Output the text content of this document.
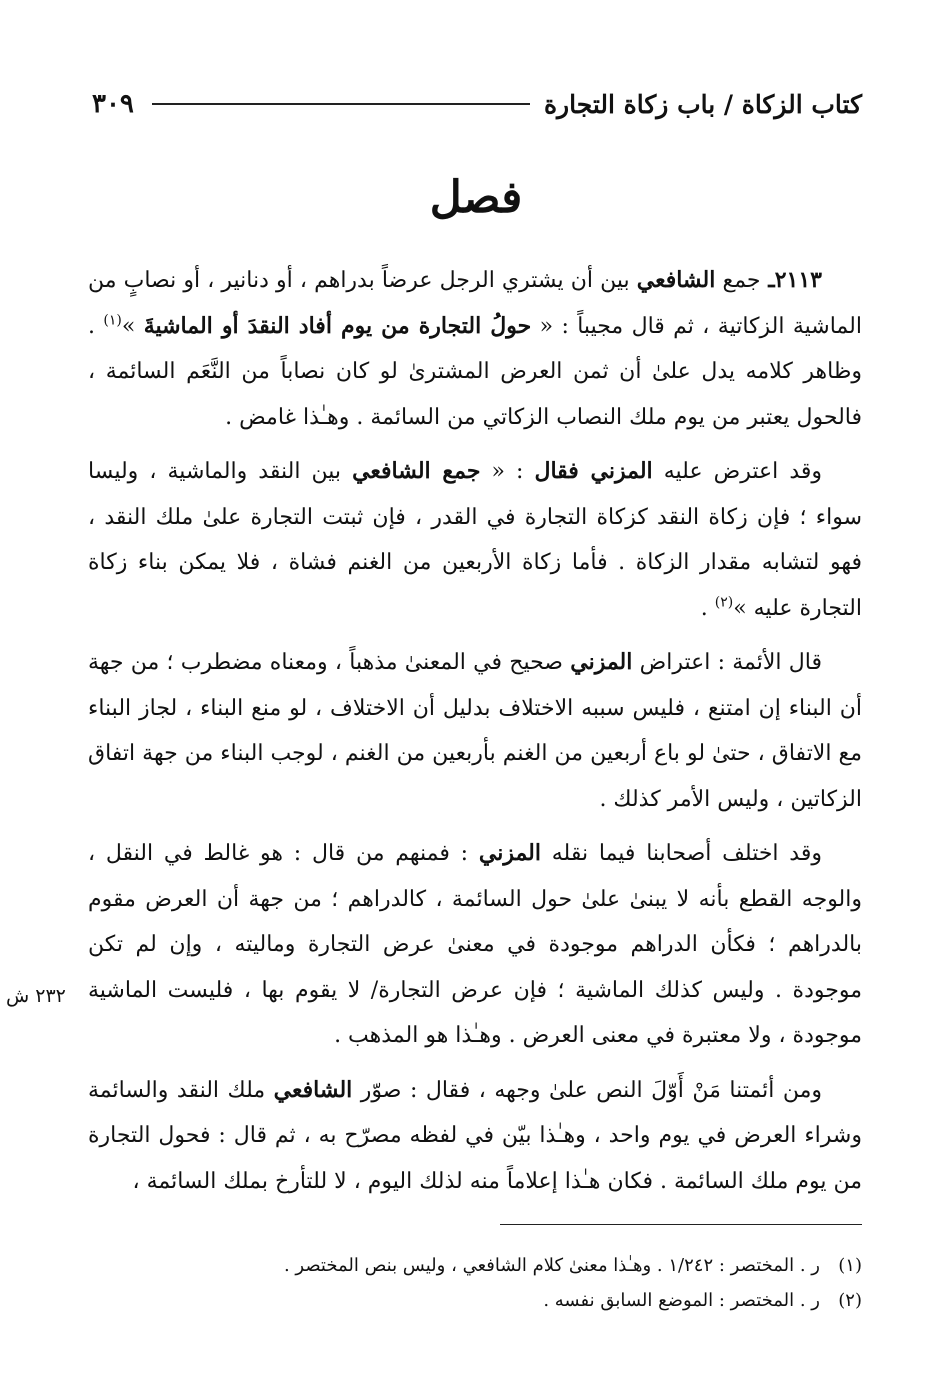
٣٠٩	كتاب الزكاة / باب زكاة التجارة
فصل

٢١١٣ـ جمع الشافعي بين أن يشتري الرجل عرضاً بدراهم ، أو دنانير ، أو نصابٍ من الماشية الزكاتية ، ثم قال مجيباً : « حولُ التجارة من يوم أفاد النقدَ أو الماشيةَ »$^{(١)}$ . وظاهر كلامه يدل علىٰ أن ثمن العرض المشترىٰ لو كان نصاباً من النَّعَم السائمة ، فالحول يعتبر من يوم ملك النصاب الزكاتي من السائمة . وهـٰذا غامض .

وقد اعترض عليه المزني فقال : « جمع الشافعي بين النقد والماشية ، وليسا سواء ؛ فإن زكاة النقد كزكاة التجارة في القدر ، فإن ثبتت التجارة علىٰ ملك النقد ، فهو لتشابه مقدار الزكاة . فأما زكاة الأربعين من الغنم فشاة ، فلا يمكن بناء زكاة التجارة عليه »$^{(٢)}$ .

قال الأئمة : اعتراض المزني صحيح في المعنىٰ مذهباً ، ومعناه مضطرب ؛ من جهة أن البناء إن امتنع ، فليس سببه الاختلاف بدليل أن الاختلاف ، لو منع البناء ، لجاز البناء مع الاتفاق ، حتىٰ لو باع أربعين من الغنم بأربعين من الغنم ، لوجب البناء من جهة اتفاق الزكاتين ، وليس الأمر كذلك .

وقد اختلف أصحابنا فيما نقله المزني : فمنهم من قال : هو غالط في النقل ، والوجه القطع بأنه لا يبنىٰ علىٰ حول السائمة ، كالدراهم ؛ من جهة أن العرض مقوم بالدراهم ؛ فكأن الدراهم موجودة في معنىٰ عرض التجارة وماليته ، وإن لم تكن موجودة . وليس كذلك الماشية ؛ فإن عرض التجارة/ لا يقوم بها ، فليست الماشية موجودة ، ولا معتبرة في معنى العرض . وهـٰذا هو المذهب .

ومن أئمتنا مَنْ أَوّلَ النص علىٰ وجهه ، فقال : صوّر الشافعي ملك النقد والسائمة وشراء العرض في يوم واحد ، وهـٰذا بيّن في لفظه مصرّح به ، ثم قال : فحول التجارة من يوم ملك السائمة . فكان هـٰذا إعلاماً منه لذلك اليوم ، لا للتأرخ بملك السائمة ،

٢٣٢ ش
(١)
ر . المختصر : ١/٢٤٢ . وهـٰذا معنىٰ كلام الشافعي ، وليس بنص المختصر .
(٢)
ر . المختصر : الموضع السابق نفسه .
